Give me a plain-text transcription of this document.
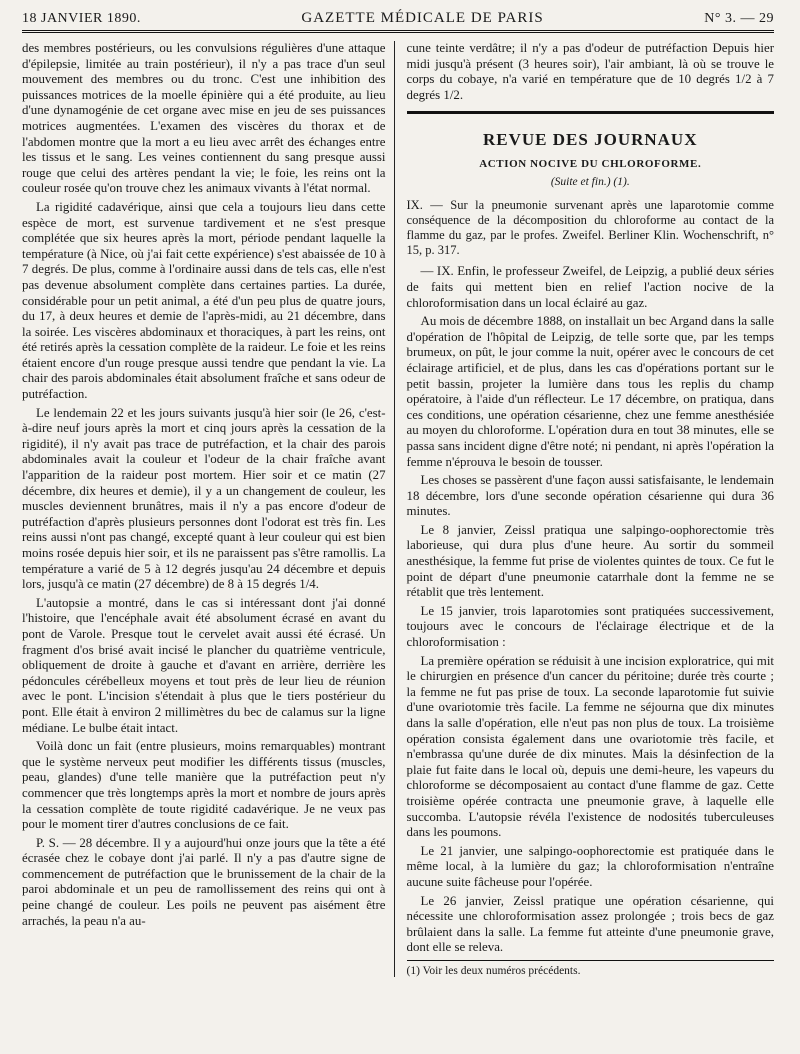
18 JANVIER 1890.	GAZETTE MÉDICALE DE PARIS	N° 3. — 29

des membres postérieurs, ou les convulsions régulières d'une attaque d'épilepsie, limitée au train postérieur), il n'y a pas trace d'un seul mouvement des membres ou du tronc. C'est une inhibition des puissances motrices de la moelle épinière qui a été produite, au lieu d'une dynamogénie de cet organe avec mise en jeu de ses puissances motrices augmentées. L'examen des viscères du thorax et de l'abdomen montre que la mort a eu lieu avec arrêt des échanges entre les tissus et le sang. Les veines contiennent du sang presque aussi rouge que celui des artères pendant la vie; le foie, les reins ont la couleur rosée qu'on trouve chez les animaux vivants à l'état normal.

La rigidité cadavérique, ainsi que cela a toujours lieu dans cette espèce de mort, est survenue tardivement et ne s'est presque complétée que six heures après la mort, période pendant laquelle la température (à Nice, où j'ai fait cette expérience) s'est abaissée de 10 à 7 degrés. De plus, comme à l'ordinaire aussi dans de tels cas, elle n'est pas devenue absolument complète dans certaines parties. La durée, considérable pour un petit animal, a été d'un peu plus de quatre jours, du 17, à deux heures et demie de l'après-midi, au 21 décembre, dans la soirée. Les viscères abdominaux et thoraciques, à part les reins, ont été retirés après la cessation complète de la raideur. Le foie et les reins étaient encore d'un rouge presque aussi tendre que pendant la vie. La chair des parois abdominales était absolument fraîche et sans odeur de putréfaction.

Le lendemain 22 et les jours suivants jusqu'à hier soir (le 26, c'est-à-dire neuf jours après la mort et cinq jours après la cessation de la rigidité), il n'y avait pas trace de putréfaction, et la chair des parois abdominales avait la couleur et l'odeur de la chair fraîche avant l'apparition de la raideur post mortem. Hier soir et ce matin (27 décembre, dix heures et demie), il y a un changement de couleur, les muscles deviennent brunâtres, mais il n'y a pas encore d'odeur de putréfaction d'après plusieurs personnes dont l'odorat est très fin. Les reins aussi n'ont pas changé, excepté quant à leur couleur qui est bien moins rosée depuis hier soir, et ils ne paraissent pas s'être ramollis. La température a varié de 5 à 12 degrés jusqu'au 24 décembre et depuis lors, jusqu'à ce matin (27 décembre) de 8 à 15 degrés 1/4.

L'autopsie a montré, dans le cas si intéressant dont j'ai donné l'histoire, que l'encéphale avait été absolument écrasé en avant du pont de Varole. Presque tout le cervelet avait aussi été écrasé. Un fragment d'os brisé avait incisé le plancher du quatrième ventricule, obliquement de droite à gauche et d'avant en arrière, derrière les pédoncules cérébelleux moyens et tout près de leur lieu de réunion avec le pont. L'incision s'étendait à plus que le tiers postérieur du pont. Elle était à environ 2 millimètres du bec de calamus sur la ligne médiane. Le bulbe était intact.

Voilà donc un fait (entre plusieurs, moins remarquables) montrant que le système nerveux peut modifier les différents tissus (muscles, peau, glandes) d'une telle manière que la putréfaction peut n'y commencer que très longtemps après la mort et nombre de jours après la cessation complète de toute rigidité cadavérique. Je ne veux pas pour le moment tirer d'autres conclusions de ce fait.

P. S. — 28 décembre. Il y a aujourd'hui onze jours que la tête a été écrasée chez le cobaye dont j'ai parlé. Il n'y a pas d'autre signe de commencement de putréfaction que le brunissement de la chair de la paroi abdominale et un peu de ramollissement des reins qui ont à peine changé de couleur. Les poils ne peuvent pas aisément être arrachés, la peau n'a au-

cune teinte verdâtre; il n'y a pas d'odeur de putréfaction Depuis hier midi jusqu'à présent (3 heures soir), l'air ambiant, là où se trouve le corps du cobaye, n'a varié en température que de 10 degrés 1/2 à 7 degrés 1/2.

REVUE DES JOURNAUX
ACTION NOCIVE DU CHLOROFORME.
(Suite et fin.) (1).
IX. — Sur la pneumonie survenant après une laparotomie comme conséquence de la décomposition du chloroforme au contact de la flamme du gaz, par le profes. Zweifel. Berliner Klin. Wochenschrift, n° 15, p. 317.

— IX. Enfin, le professeur Zweifel, de Leipzig, a publié deux séries de faits qui mettent bien en relief l'action nocive de la chloroformisation dans un local éclairé au gaz.

Au mois de décembre 1888, on installait un bec Argand dans la salle d'opération de l'hôpital de Leipzig, de telle sorte que, par les temps brumeux, on pût, le jour comme la nuit, opérer avec le concours de cet éclairage artificiel, et de plus, dans les cas d'opérations portant sur le petit bassin, projeter la lumière dans tous les replis du champ opératoire, à l'aide d'un réflecteur. Le 17 décembre, on pratiqua, dans ces conditions, une opération césarienne, chez une femme anesthésiée au moyen du chloroforme. L'opération dura en tout 38 minutes, elle se passa sans incident digne d'être noté; ni pendant, ni après l'opération la femme n'éprouva le besoin de tousser.

Les choses se passèrent d'une façon aussi satisfaisante, le lendemain 18 décembre, lors d'une seconde opération césarienne qui dura 36 minutes.

Le 8 janvier, Zeissl pratiqua une salpingo-oophorectomie très laborieuse, qui dura plus d'une heure. Au sortir du sommeil anesthésique, la femme fut prise de violentes quintes de toux. Ce fut le point de départ d'une pneumonie catarrhale dont la femme ne se rétablit que très lentement.

Le 15 janvier, trois laparotomies sont pratiquées successivement, toujours avec le concours de l'éclairage électrique et de la chloroformisation :

La première opération se réduisit à une incision exploratrice, qui mit le chirurgien en présence d'un cancer du péritoine; durée très courte ; la femme ne fut pas prise de toux. La seconde laparotomie fut suivie d'une ovariotomie très facile. La femme ne séjourna que dix minutes dans la salle d'opération, elle n'eut pas non plus de toux. La troisième opération consista également dans une ovariotomie très facile, et n'embrassa qu'une durée de dix minutes. Mais la désinfection de la plaie fut faite dans le local où, depuis une demi-heure, les vapeurs du chloroforme se décomposaient au contact d'une flamme de gaz. Cette troisième opérée contracta une pneumonie grave, à laquelle elle succomba. L'autopsie révéla l'existence de nodosités tuberculeuses dans les poumons.

Le 21 janvier, une salpingo-oophorectomie est pratiquée dans le même local, à la lumière du gaz; la chloroformisation n'entraîne aucune suite fâcheuse pour l'opérée.

Le 26 janvier, Zeissl pratique une opération césarienne, qui nécessite une chloroformisation assez prolongée ; trois becs de gaz brûlaient dans la salle. La femme fut atteinte d'une pneumonie grave, dont elle se releva.

(1) Voir les deux numéros précédents.
